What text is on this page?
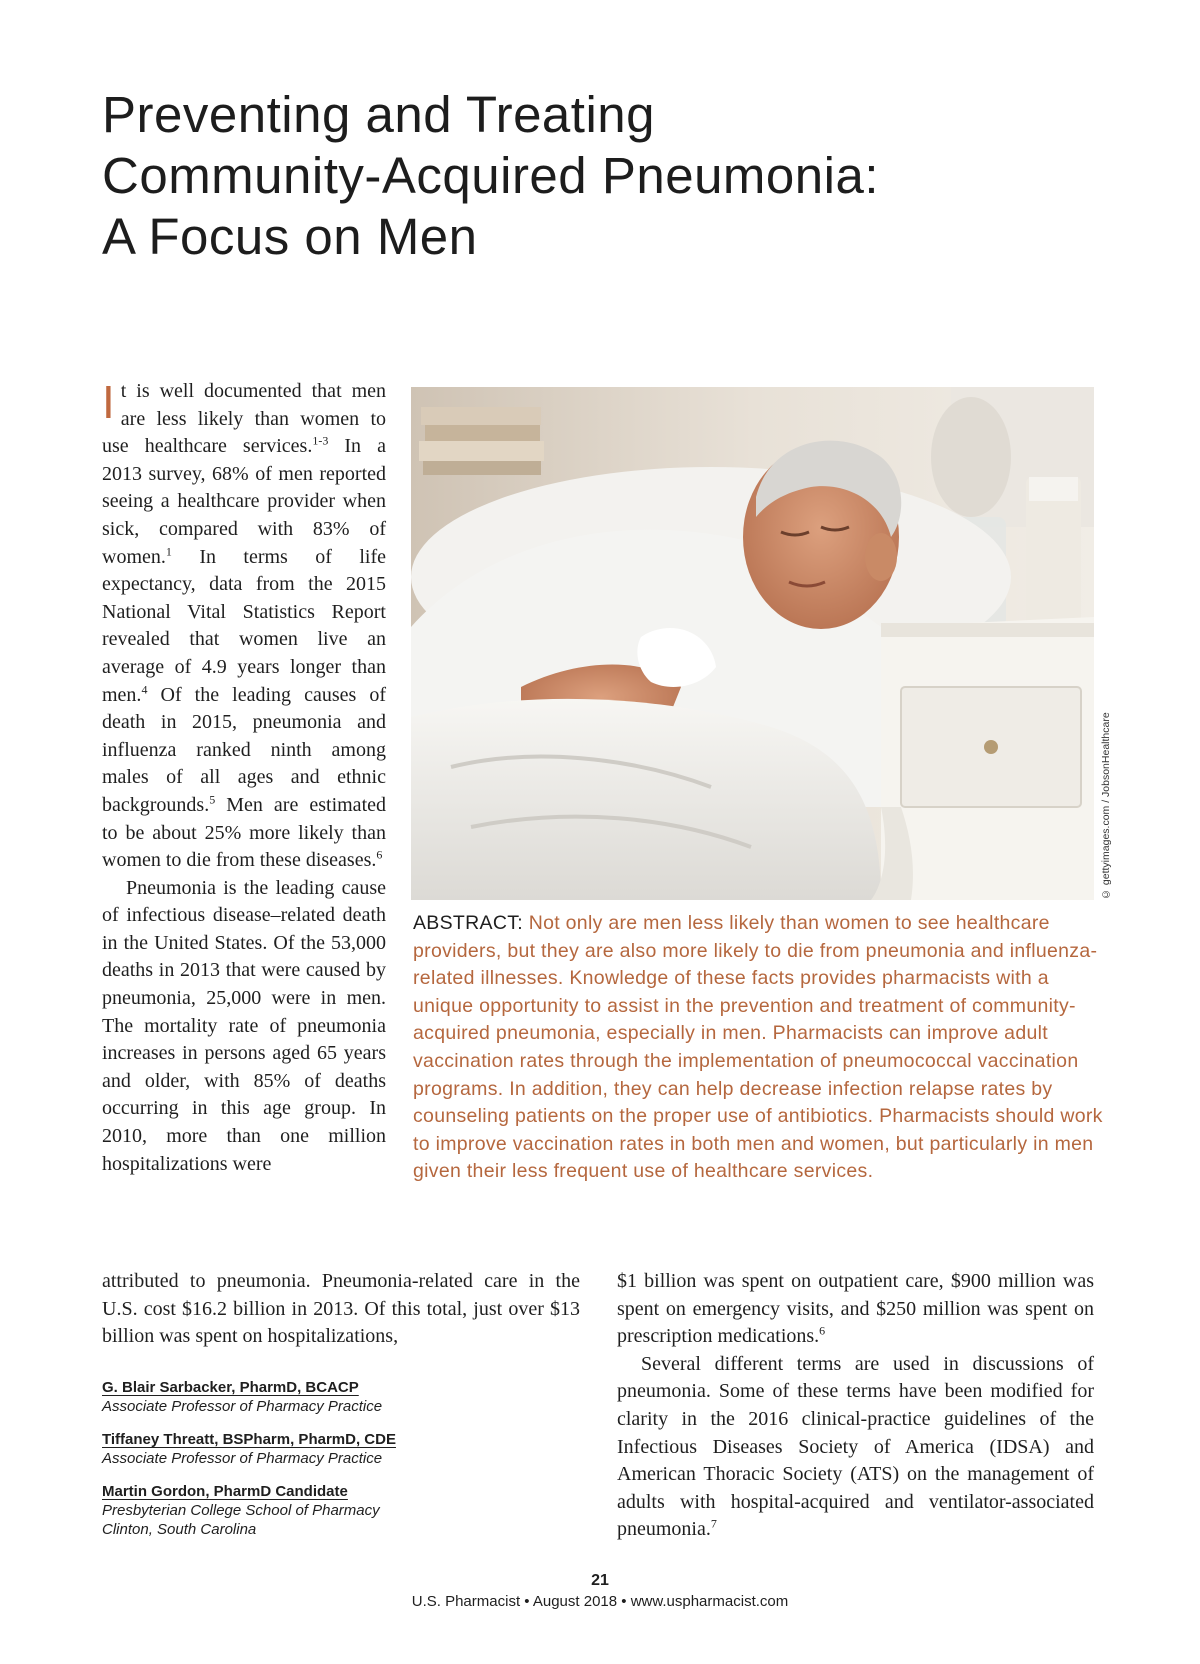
Preventing and Treating
Community-Acquired Pneumonia:
A Focus on Men

It is well documented that men are less likely than women to use healthcare services.$^{1-3}$ In a 2013 survey, 68% of men reported seeing a healthcare provider when sick, compared with 83% of women.$^1$ In terms of life expectancy, data from the 2015 National Vital Statistics Report revealed that women live an average of 4.9 years longer than men.$^4$ Of the leading causes of death in 2015, pneumonia and influenza ranked ninth among males of all ages and ethnic backgrounds.$^5$ Men are estimated to be about 25% more likely than women to die from these diseases.$^6$

Pneumonia is the leading cause of infectious disease–related death in the United States. Of the 53,000 deaths in 2013 that were caused by pneumonia, 25,000 were in men. The mortality rate of pneumonia increases in persons aged 65 years and older, with 85% of deaths occurring in this age group. In 2010, more than one million hospitalizations were

© gettyimages.com / JobsonHealthcare
ABSTRACT: Not only are men less likely than women to see healthcare providers, but they are also more likely to die from pneumonia and influenza-related illnesses. Knowledge of these facts provides pharmacists with a unique opportunity to assist in the prevention and treatment of community-acquired pneumonia, especially in men. Pharmacists can improve adult vaccination rates through the implementation of pneumococcal vaccination programs. In addition, they can help decrease infection relapse rates by counseling patients on the proper use of antibiotics. Pharmacists should work to improve vaccination rates in both men and women, but particularly in men given their less frequent use of healthcare services.

attributed to pneumonia. Pneumonia-related care in the U.S. cost $16.2 billion in 2013. Of this total, just over $13 billion was spent on hospitalizations,

$1 billion was spent on outpatient care, $900 million was spent on emergency visits, and $250 million was spent on prescription medications.$^6$

Several different terms are used in discussions of pneumonia. Some of these terms have been modified for clarity in the 2016 clinical-practice guidelines of the Infectious Diseases Society of America (IDSA) and American Thoracic Society (ATS) on the management of adults with hospital-acquired and ventilator-associated pneumonia.$^7$

G. Blair Sarbacker, PharmD, BCACP
Associate Professor of Pharmacy Practice
Tiffaney Threatt, BSPharm, PharmD, CDE
Associate Professor of Pharmacy Practice
Martin Gordon, PharmD Candidate
Presbyterian College School of Pharmacy
Clinton, South Carolina
21
U.S. Pharmacist • August 2018 • www.uspharmacist.com
